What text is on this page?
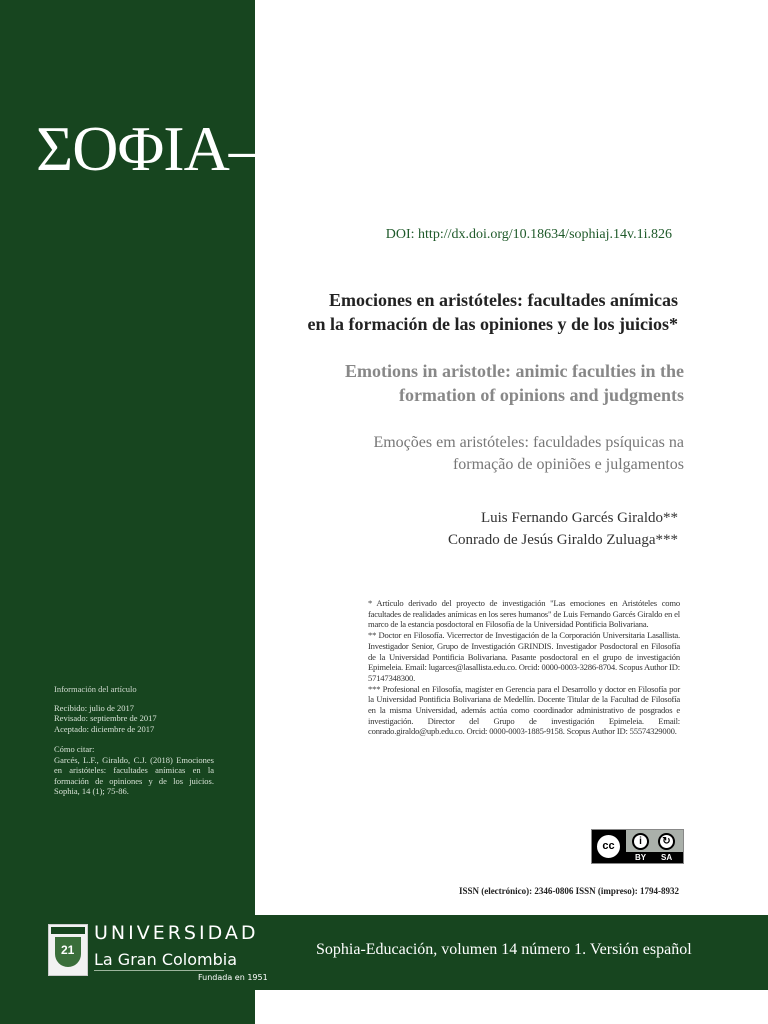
ΣΟΦΙΑ–SOPHIA
DOI: http://dx.doi.org/10.18634/sophiaj.14v.1i.826
Emociones en aristóteles: facultades anímicas
en la formación de las opiniones y de los juicios*
Emotions in aristotle: animic faculties in the
formation of opinions and judgments
Emoções em aristóteles: faculdades psíquicas na
formação de opiniões e julgamentos
Luis Fernando Garcés Giraldo**
Conrado de Jesús Giraldo Zuluaga***

* Artículo derivado del proyecto de investigación "Las emociones en Aristóteles como facultades de realidades anímicas en los seres humanos" de Luis Fernando Garcés Giraldo en el marco de la estancia posdoctoral en Filosofía de la Universidad Pontificia Bolivariana.

** Doctor en Filosofía. Vicerrector de Investigación de la Corporación Universitaria Lasallista. Investigador Senior, Grupo de Investigación GRINDIS. Investigador Posdoctoral en Filosofía de la Universidad Pontificia Bolivariana. Pasante posdoctoral en el grupo de investigación Epimeleia. Email: lugarces@lasallista.edu.co. Orcid: 0000-0003-3286-8704. Scopus Author ID: 57147348300.

*** Profesional en Filosofía, magíster en Gerencia para el Desarrollo y doctor en Filosofía por la Universidad Pontificia Bolivariana de Medellín. Docente Titular de la Facultad de Filosofía en la misma Universidad, además actúa como coordinador administrativo de posgrados e investigación. Director del Grupo de investigación Epimeleia. Email: conrado.giraldo@upb.edu.co. Orcid: 0000-0003-1885-9158. Scopus Author ID: 55574329000.

cc	i	↻
BY SA
ISSN (electrónico): 2346-0806 ISSN (impreso): 1794-8932
Sophia-Educación, volumen 14 número 1. Versión español
Información del artículo
Recibido: julio de 2017
Revisado: septiembre de 2017
Aceptado: diciembre de 2017
Cómo citar:
Garcés, L.F., Giraldo, C.J. (2018) Emociones en aristóteles: facultades anímicas en la formación de opiniones y de los juicios. Sophia, 14 (1); 75-86.
21
UNIVERSIDAD
La Gran Colombia
Fundada en 1951
